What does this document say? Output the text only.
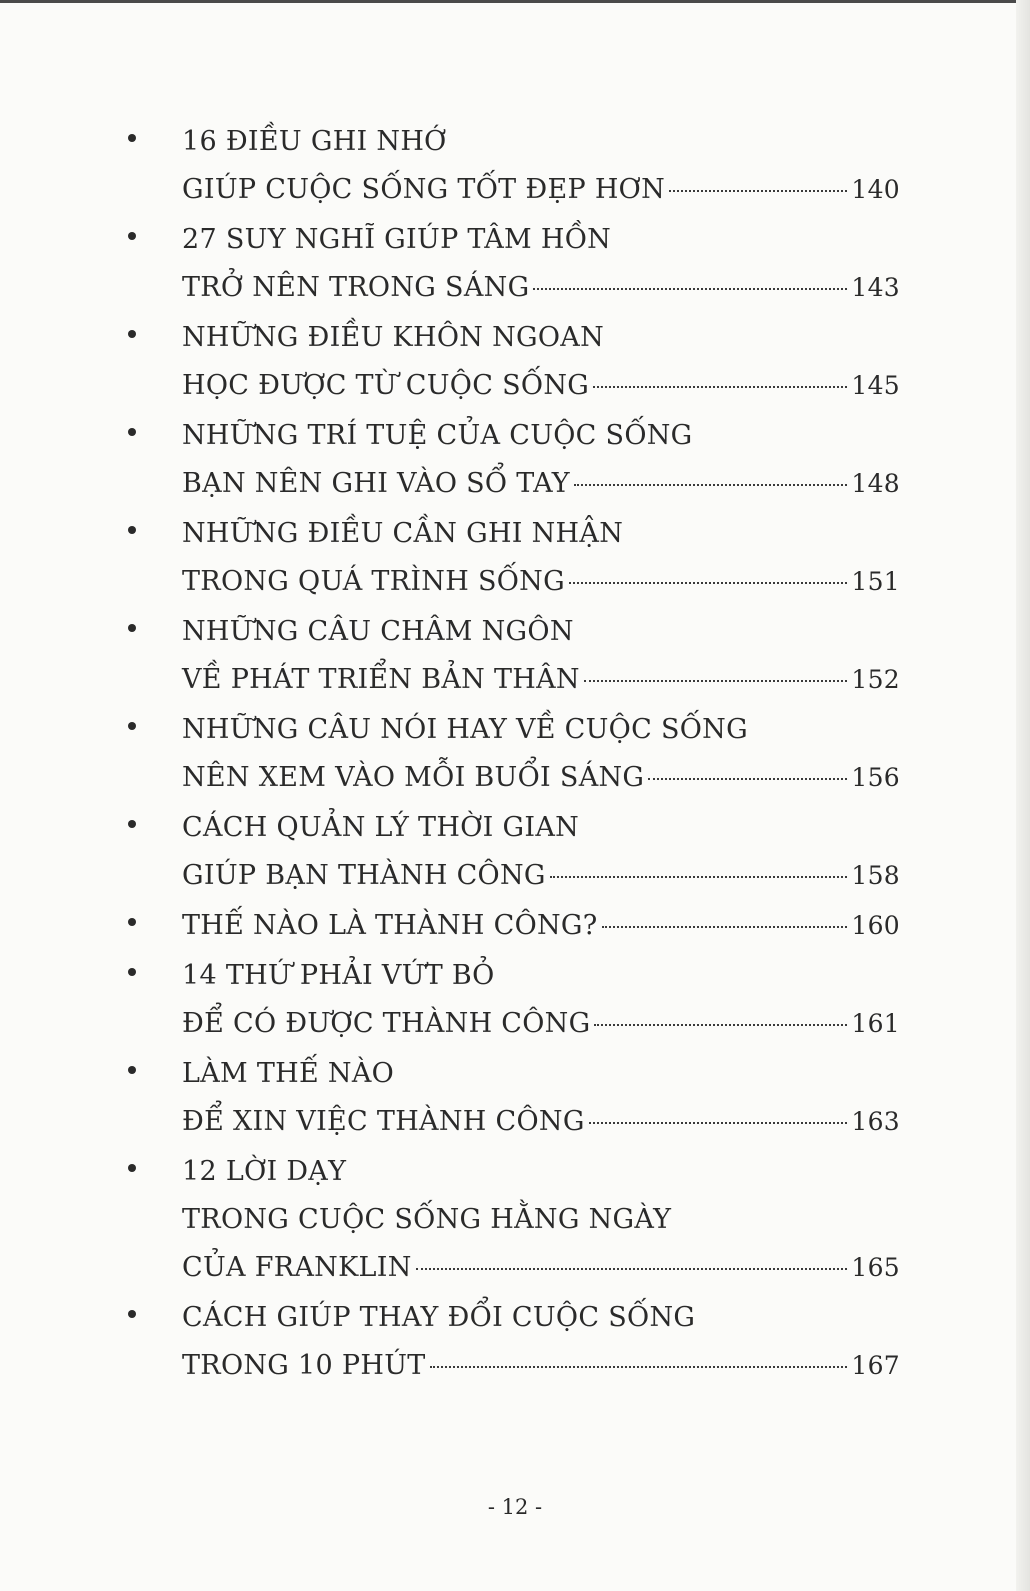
16 ĐIỀU GHI NHỚ
GIÚP CUỘC SỐNG TỐT ĐẸP HƠN	140
27 SUY NGHĨ GIÚP TÂM HỒN
TRỞ NÊN TRONG SÁNG	143
NHỮNG ĐIỀU KHÔN NGOAN
HỌC ĐƯỢC TỪ CUỘC SỐNG	145
NHỮNG TRÍ TUỆ CỦA CUỘC SỐNG
BẠN NÊN GHI VÀO SỔ TAY	148
NHỮNG ĐIỀU CẦN GHI NHẬN
TRONG QUÁ TRÌNH SỐNG	151
NHỮNG CÂU CHÂM NGÔN
VỀ PHÁT TRIỂN BẢN THÂN	152
NHỮNG CÂU NÓI HAY VỀ CUỘC SỐNG
NÊN XEM VÀO MỖI BUỔI SÁNG	156
CÁCH QUẢN LÝ THỜI GIAN
GIÚP BẠN THÀNH CÔNG	158
THẾ NÀO LÀ THÀNH CÔNG?	160
14 THỨ PHẢI VỨT BỎ
ĐỂ CÓ ĐƯỢC THÀNH CÔNG	161
LÀM THẾ NÀO
ĐỂ XIN VIỆC THÀNH CÔNG	163
12 LỜI DẠY
TRONG CUỘC SỐNG HẰNG NGÀY
CỦA FRANKLIN	165
CÁCH GIÚP THAY ĐỔI CUỘC SỐNG
TRONG 10 PHÚT	167
- 12 -
